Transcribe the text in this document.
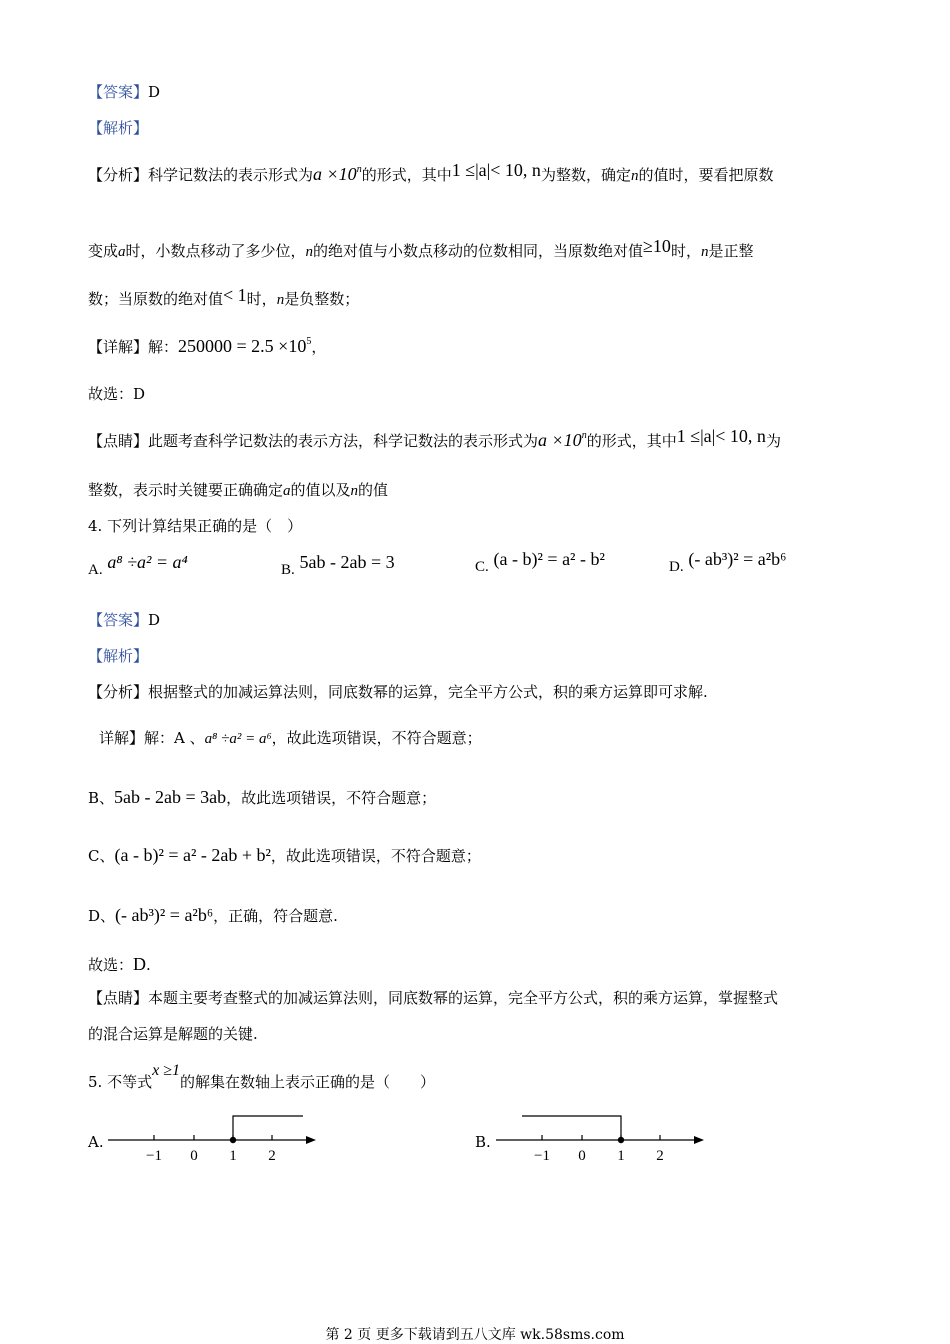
【答案】D
【解析】
【分析】科学记数法的表示形式为$a \times 10^n$的形式，其中1 ≤|a|< 10, n为整数，确定n的值时，要看把原数
变成a时，小数点移动了多少位，n的绝对值与小数点移动的位数相同，当原数绝对值≥10时，n是正整
数；当原数的绝对值< 1时，n是负整数；
【详解】解：$250000 = 2.5 \times 10^5$，
故选：D
【点睛】此题考查科学记数法的表示方法，科学记数法的表示形式为$a \times 10^n$的形式，其中1 ≤|a|< 10, n为
整数，表示时关键要正确确定a的值以及n的值
4. 下列计算结果正确的是（　）
A. a⁸ ÷a² = a⁴	B. 5ab - 2ab = 3	C. (a - b)² = a² - b²	D. (- ab³)² = a²b⁶
【答案】D
【解析】
【分析】根据整式的加减运算法则，同底数幂的运算，完全平方公式，积的乘方运算即可求解.
详解】解：A 、a⁸ ÷a² = a⁶，故此选项错误，不符合题意；
B、5ab - 2ab = 3ab，故此选项错误，不符合题意；
C、(a - b)² = a² - 2ab + b²，故此选项错误，不符合题意；
D、(- ab³)² = a²b⁶，正确，符合题意.
故选：D.
【点睛】本题主要考查整式的加减运算法则，同底数幂的运算，完全平方公式，积的乘方运算，掌握整式
的混合运算是解题的关键.
5. 不等式x ≥1的解集在数轴上表示正确的是（　　）
A.
−1 0 1 2
B.
−1 0 1 2
第 2 页 更多下载请到五八文库 wk.58sms.com
